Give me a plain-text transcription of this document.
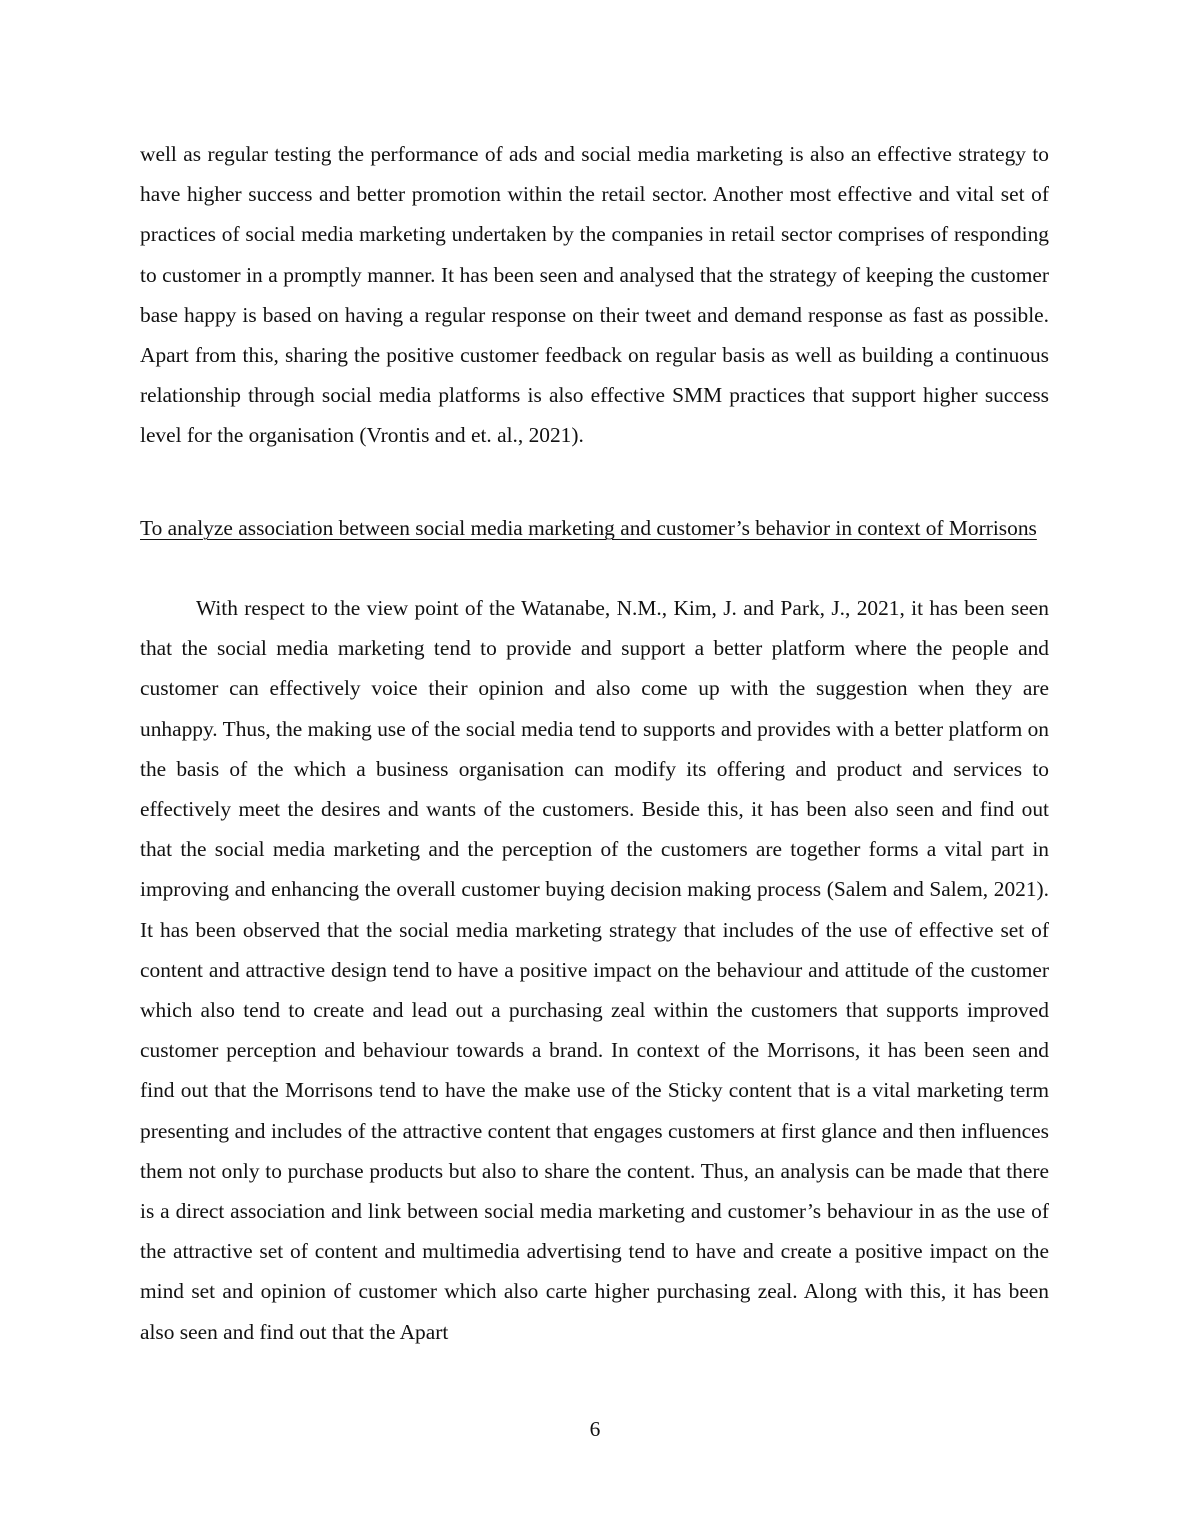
well as regular testing the performance of ads and social media marketing is also an effective strategy to have higher success and better promotion within the retail sector. Another most effective and vital set of practices of social media marketing undertaken by the companies in retail sector comprises of responding to customer in a promptly manner. It has been seen and analysed that the strategy of keeping the customer base happy is based on having a regular response on their tweet and demand response as fast as possible. Apart from this, sharing the positive customer feedback on regular basis as well as building a continuous relationship through social media platforms is also effective SMM practices that support higher success level for the organisation (Vrontis and et. al., 2021).
To analyze association between social media marketing and customer’s behavior in context of Morrisons
With respect to the view point of the Watanabe, N.M., Kim, J. and Park, J., 2021, it has been seen that the social media marketing tend to provide and support a better platform where the people and customer can effectively voice their opinion and also come up with the suggestion when they are unhappy. Thus, the making use of the social media tend to supports and provides with a better platform on the basis of the which a business organisation can modify its offering and product and services to effectively meet the desires and wants of the customers. Beside this, it has been also seen and find out that the social media marketing and the perception of the customers are together forms a vital part in improving and enhancing the overall customer buying decision making process (Salem and Salem, 2021). It has been observed that the social media marketing strategy that includes of the use of effective set of content and attractive design tend to have a positive impact on the behaviour and attitude of the customer which also tend to create and lead out a purchasing zeal within the customers that supports improved customer perception and behaviour towards a brand. In context of the Morrisons, it has been seen and find out that the Morrisons tend to have the make use of the Sticky content that is a vital marketing term presenting and includes of the attractive content that engages customers at first glance and then influences them not only to purchase products but also to share the content. Thus, an analysis can be made that there is a direct association and link between social media marketing and customer’s behaviour in as the use of the attractive set of content and multimedia advertising tend to have and create a positive impact on the mind set and opinion of customer which also carte higher purchasing zeal. Along with this, it has been also seen and find out that the Apart
6
